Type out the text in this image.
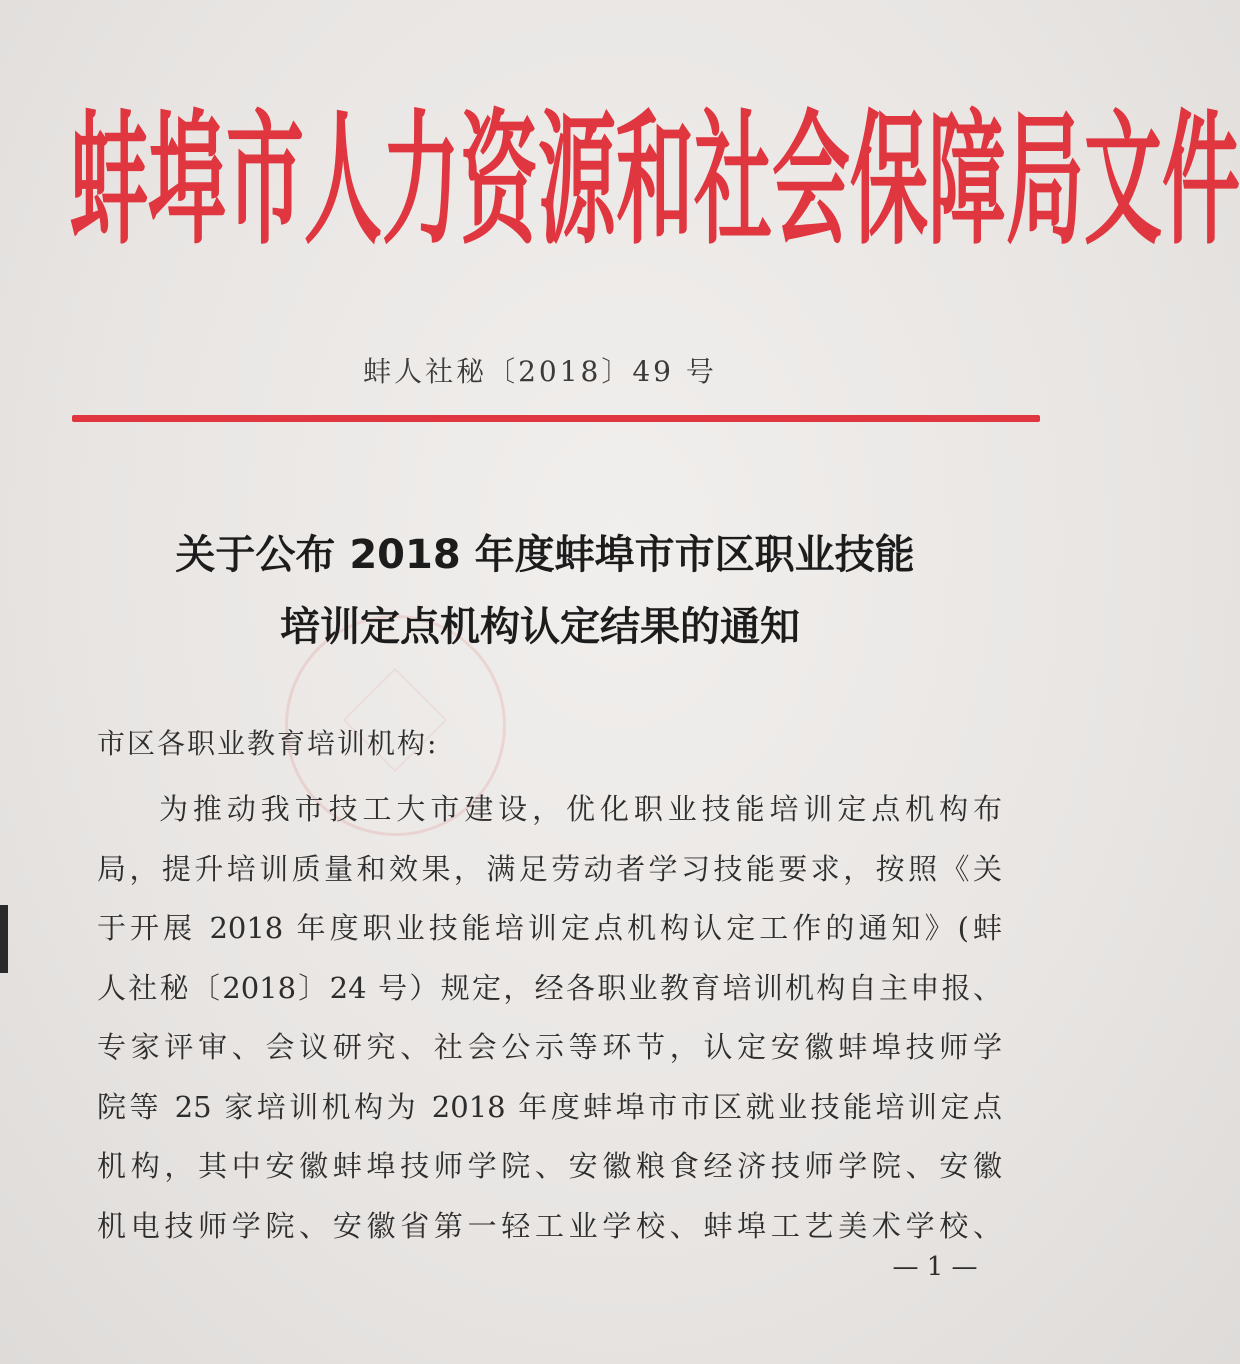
蚌埠市人力资源和社会保障局文件
蚌人社秘〔2018〕49 号
关于公布 2018 年度蚌埠市市区职业技能
培训定点机构认定结果的通知
市区各职业教育培训机构:
为推动我市技工大市建设，优化职业技能培训定点机构布
局，提升培训质量和效果，满足劳动者学习技能要求，按照《关
于开展 2018 年度职业技能培训定点机构认定工作的通知》(蚌
人社秘〔2018〕24 号）规定，经各职业教育培训机构自主申报、
专家评审、会议研究、社会公示等环节，认定安徽蚌埠技师学
院等 25 家培训机构为 2018 年度蚌埠市市区就业技能培训定点
机构，其中安徽蚌埠技师学院、安徽粮食经济技师学院、安徽
机电技师学院、安徽省第一轻工业学校、蚌埠工艺美术学校、
— 1 —
